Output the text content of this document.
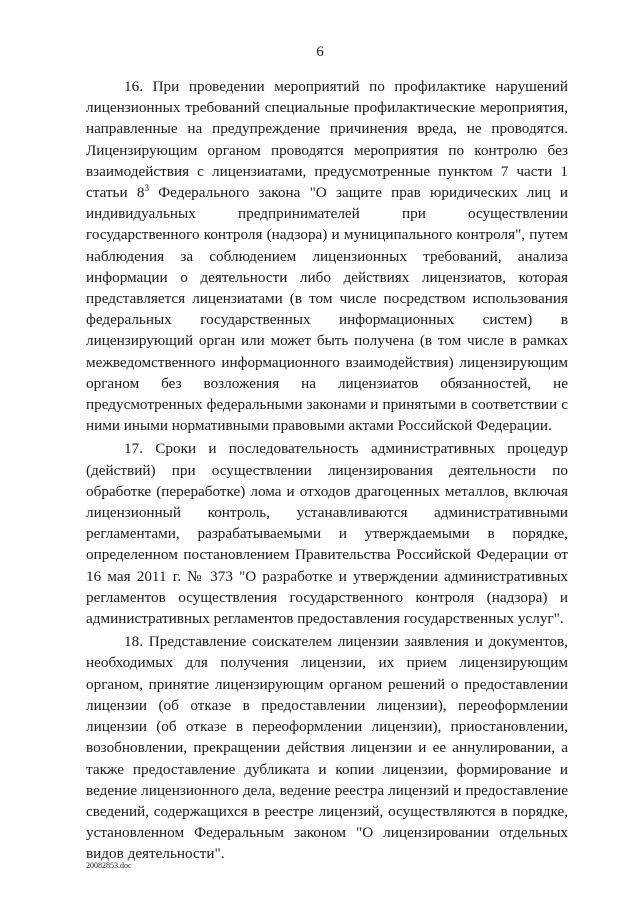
6

16. При проведении мероприятий по профилактике нарушений лицензионных требований специальные профилактические мероприятия, направленные на предупреждение причинения вреда, не проводятся. Лицензирующим органом проводятся мероприятия по контролю без взаимодействия с лицензиатами, предусмотренные пунктом 7 части 1 статьи $8^3$ Федерального закона "О защите прав юридических лиц и индивидуальных предпринимателей при осуществлении государственного контроля (надзора) и муниципального контроля", путем наблюдения за соблюдением лицензионных требований, анализа информации о деятельности либо действиях лицензиатов, которая представляется лицензиатами (в том числе посредством использования федеральных государственных информационных систем) в лицензирующий орган или может быть получена (в том числе в рамках межведомственного информационного взаимодействия) лицензирующим органом без возложения на лицензиатов обязанностей, не предусмотренных федеральными законами и принятыми в соответствии с ними иными нормативными правовыми актами Российской Федерации.

17. Сроки и последовательность административных процедур (действий) при осуществлении лицензирования деятельности по обработке (переработке) лома и отходов драгоценных металлов, включая лицензионный контроль, устанавливаются административными регламентами, разрабатываемыми и утверждаемыми в порядке, определенном постановлением Правительства Российской Федерации от 16 мая 2011 г. № 373 "О разработке и утверждении административных регламентов осуществления государственного контроля (надзора) и административных регламентов предоставления государственных услуг".

18. Представление соискателем лицензии заявления и документов, необходимых для получения лицензии, их прием лицензирующим органом, принятие лицензирующим органом решений о предоставлении лицензии (об отказе в предоставлении лицензии), переоформлении лицензии (об отказе в переоформлении лицензии), приостановлении, возобновлении, прекращении действия лицензии и ее аннулировании, а также предоставление дубликата и копии лицензии, формирование и ведение лицензионного дела, ведение реестра лицензий и предоставление сведений, содержащихся в реестре лицензий, осуществляются в порядке, установленном Федеральным законом "О лицензировании отдельных видов деятельности".

20082853.doc
